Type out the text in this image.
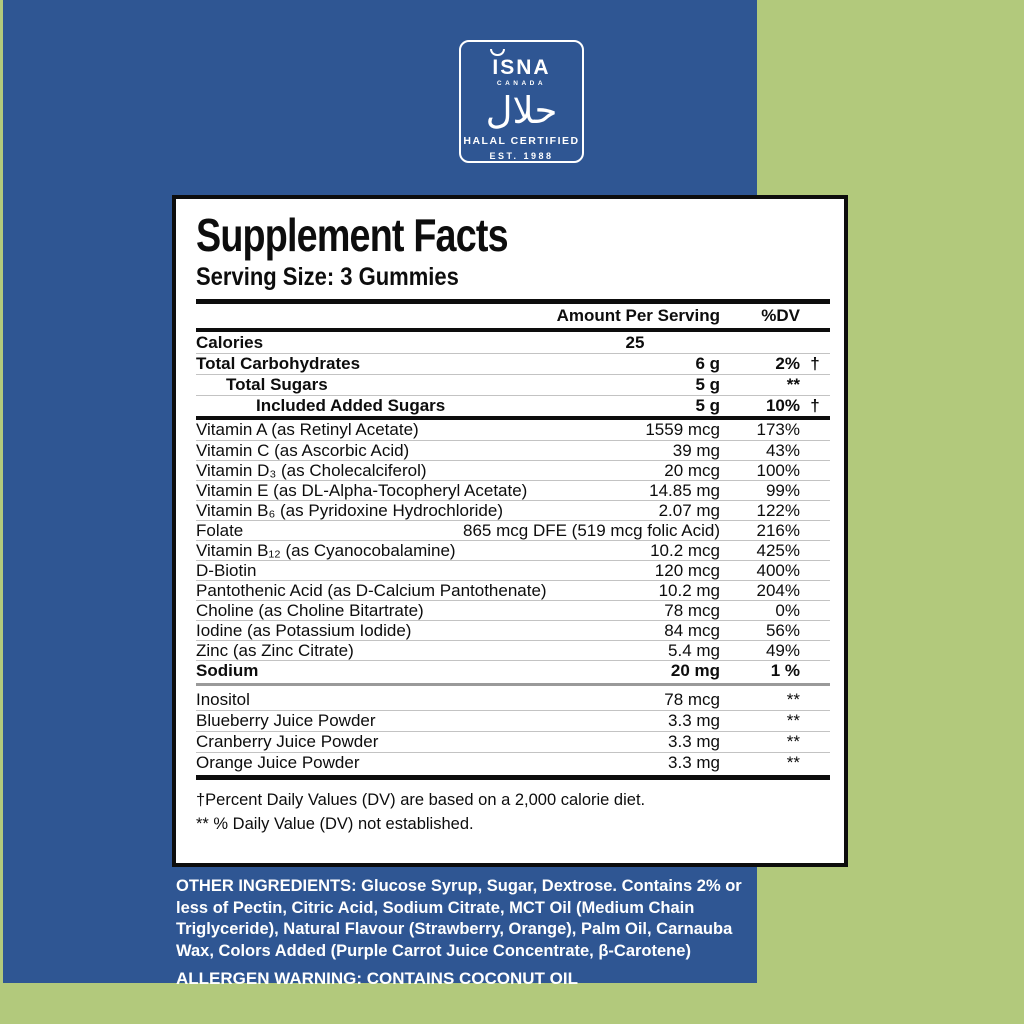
ISNA
CANADA
حلال
HALAL CERTIFIED
EST. 1988
Supplement Facts
Serving Size: 3 Gummies
Amount Per Serving	%DV
Calories	25
Total Carbohydrates	6 g	2% †
Total Sugars	5 g	**
Included Added Sugars	5 g	10% †
Vitamin A (as Retinyl Acetate)	1559 mcg	173%
Vitamin C (as Ascorbic Acid)	39 mg	43%
Vitamin D₃ (as Cholecalciferol)	20 mcg	100%
Vitamin E (as DL-Alpha-Tocopheryl Acetate)	14.85 mg	99%
Vitamin B₆ (as Pyridoxine Hydrochloride)	2.07 mg	122%
Folate	865 mcg DFE (519 mcg folic Acid)	216%
Vitamin B₁₂ (as Cyanocobalamine)	10.2 mcg	425%
D-Biotin	120 mcg	400%
Pantothenic Acid (as D-Calcium Pantothenate)	10.2 mg	204%
Choline (as Choline Bitartrate)	78 mcg	0%
Iodine (as Potassium Iodide)	84 mcg	56%
Zinc (as Zinc Citrate)	5.4 mg	49%
Sodium	20 mg	1 %
Inositol	78 mcg	**
Blueberry Juice Powder	3.3 mg	**
Cranberry Juice Powder	3.3 mg	**
Orange Juice Powder	3.3 mg	**

†Percent Daily Values (DV) are based on a 2,000 calorie diet.

** % Daily Value (DV) not established.

OTHER INGREDIENTS: Glucose Syrup, Sugar, Dextrose. Contains 2% or less of Pectin, Citric Acid, Sodium Citrate, MCT Oil (Medium Chain Triglyceride), Natural Flavour (Strawberry, Orange), Palm Oil, Carnauba Wax, Colors Added (Purple Carrot Juice Concentrate, β-Carotene)

ALLERGEN WARNING: CONTAINS COCONUT OIL
